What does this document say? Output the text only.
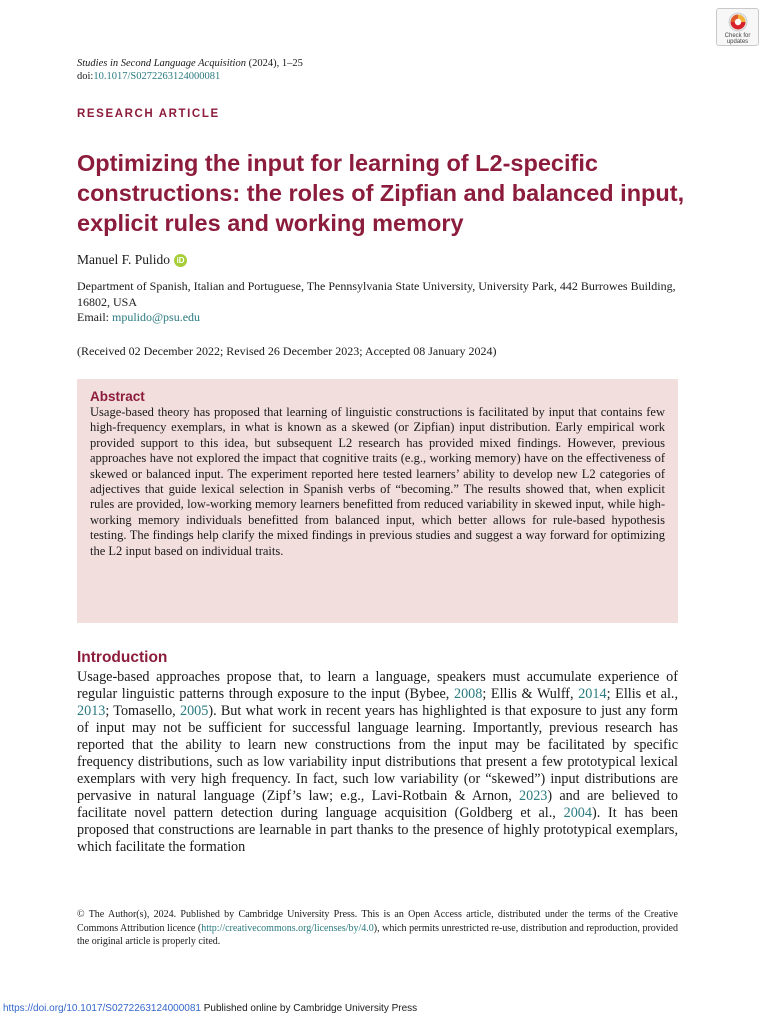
Check for updates
Studies in Second Language Acquisition (2024), 1–25
doi:10.1017/S0272263124000081
RESEARCH ARTICLE
Optimizing the input for learning of L2-specific constructions: the roles of Zipfian and balanced input, explicit rules and working memory
Manuel F. Pulido iD
Department of Spanish, Italian and Portuguese, The Pennsylvania State University, University Park, 442 Burrowes Building, 16802, USA
Email: mpulido@psu.edu
(Received 02 December 2022; Revised 26 December 2023; Accepted 08 January 2024)
Abstract

Usage-based theory has proposed that learning of linguistic constructions is facilitated by input that contains few high-frequency exemplars, in what is known as a skewed (or Zipfian) input distribution. Early empirical work provided support to this idea, but subsequent L2 research has provided mixed findings. However, previous approaches have not explored the impact that cognitive traits (e.g., working memory) have on the effectiveness of skewed or balanced input. The experiment reported here tested learners’ ability to develop new L2 categories of adjectives that guide lexical selection in Spanish verbs of “becoming.” The results showed that, when explicit rules are provided, low-working memory learners benefitted from reduced variability in skewed input, while high-working memory individuals benefitted from balanced input, which better allows for rule-based hypothesis testing. The findings help clarify the mixed findings in previous studies and suggest a way forward for optimizing the L2 input based on individual traits.

Introduction

Usage-based approaches propose that, to learn a language, speakers must accumulate experience of regular linguistic patterns through exposure to the input (Bybee, 2008; Ellis & Wulff, 2014; Ellis et al., 2013; Tomasello, 2005). But what work in recent years has highlighted is that exposure to just any form of input may not be sufficient for successful language learning. Importantly, previous research has reported that the ability to learn new constructions from the input may be facilitated by specific frequency distributions, such as low variability input distributions that present a few prototypical lexical exemplars with very high frequency. In fact, such low variability (or “skewed”) input distributions are pervasive in natural language (Zipf’s law; e.g., Lavi-Rotbain & Arnon, 2023) and are believed to facilitate novel pattern detection during language acquisition (Goldberg et al., 2004). It has been proposed that constructions are learnable in part thanks to the presence of highly prototypical exemplars, which facilitate the formation

© The Author(s), 2024. Published by Cambridge University Press. This is an Open Access article, distributed under the terms of the Creative Commons Attribution licence (http://creativecommons.org/licenses/by/4.0), which permits unrestricted re-use, distribution and reproduction, provided the original article is properly cited.

https://doi.org/10.1017/S0272263124000081 Published online by Cambridge University Press
